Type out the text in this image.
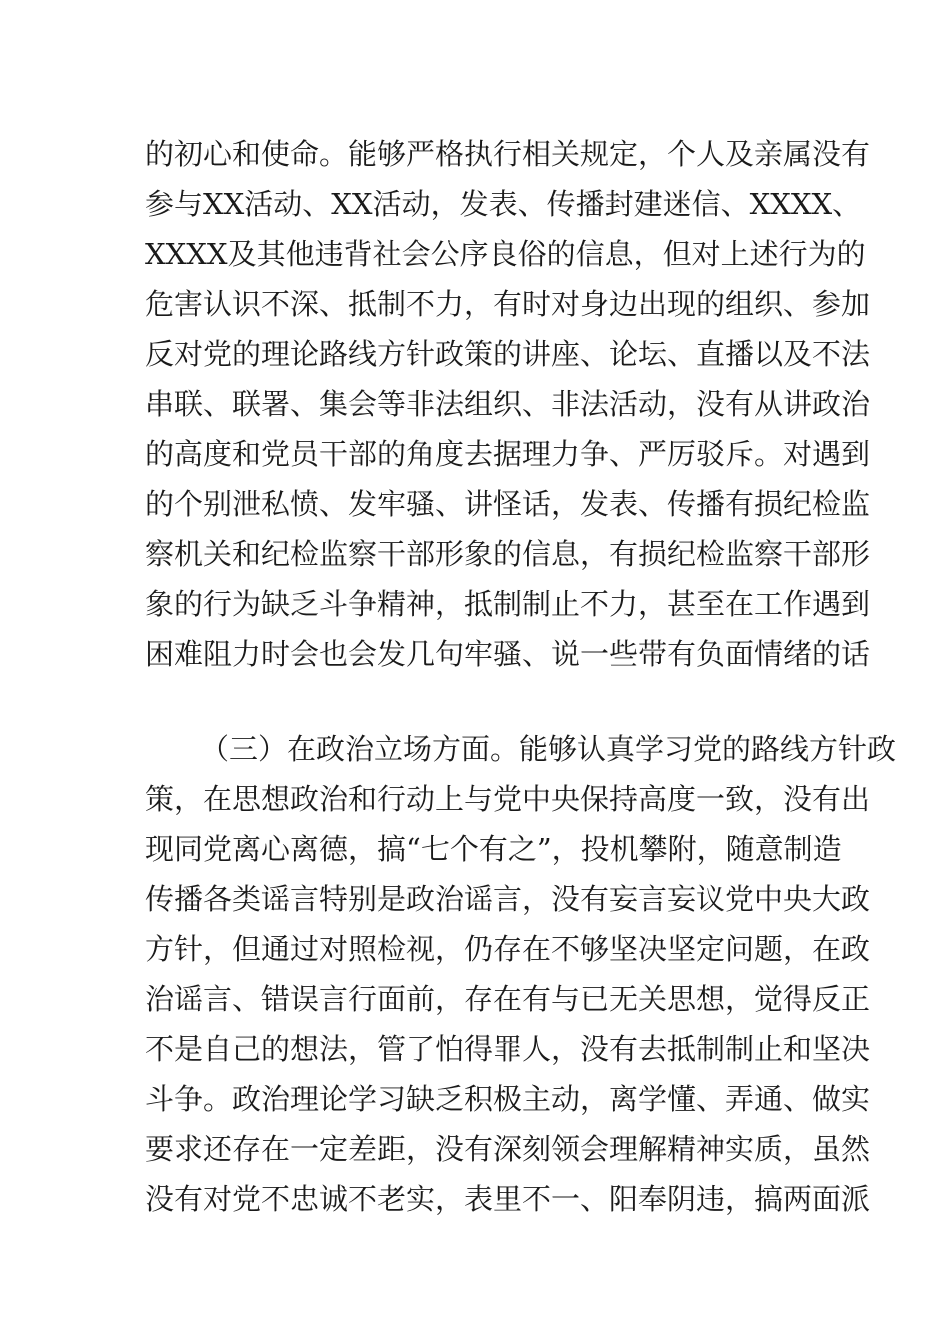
的初心和使命。能够严格执行相关规定，个人及亲属没有
参与XX活动、XX活动，发表、传播封建迷信、XXXX、
XXXX及其他违背社会公序良俗的信息，但对上述行为的
危害认识不深、抵制不力，有时对身边出现的组织、参加
反对党的理论路线方针政策的讲座、论坛、直播以及不法
串联、联署、集会等非法组织、非法活动，没有从讲政治
的高度和党员干部的角度去据理力争、严厉驳斥。对遇到
的个别泄私愤、发牢骚、讲怪话，发表、传播有损纪检监
察机关和纪检监察干部形象的信息，有损纪检监察干部形
象的行为缺乏斗争精神，抵制制止不力，甚至在工作遇到
困难阻力时会也会发几句牢骚、说一些带有负面情绪的话
（三）在政治立场方面。能够认真学习党的路线方针政
策，在思想政治和行动上与党中央保持高度一致，没有出
现同党离心离德，搞“七个有之”，投机攀附，随意制造
传播各类谣言特别是政治谣言，没有妄言妄议党中央大政
方针，但通过对照检视，仍存在不够坚决坚定问题，在政
治谣言、错误言行面前，存在有与已无关思想，觉得反正
不是自己的想法，管了怕得罪人，没有去抵制制止和坚决
斗争。政治理论学习缺乏积极主动，离学懂、弄通、做实
要求还存在一定差距，没有深刻领会理解精神实质，虽然
没有对党不忠诚不老实，表里不一、阳奉阴违，搞两面派
